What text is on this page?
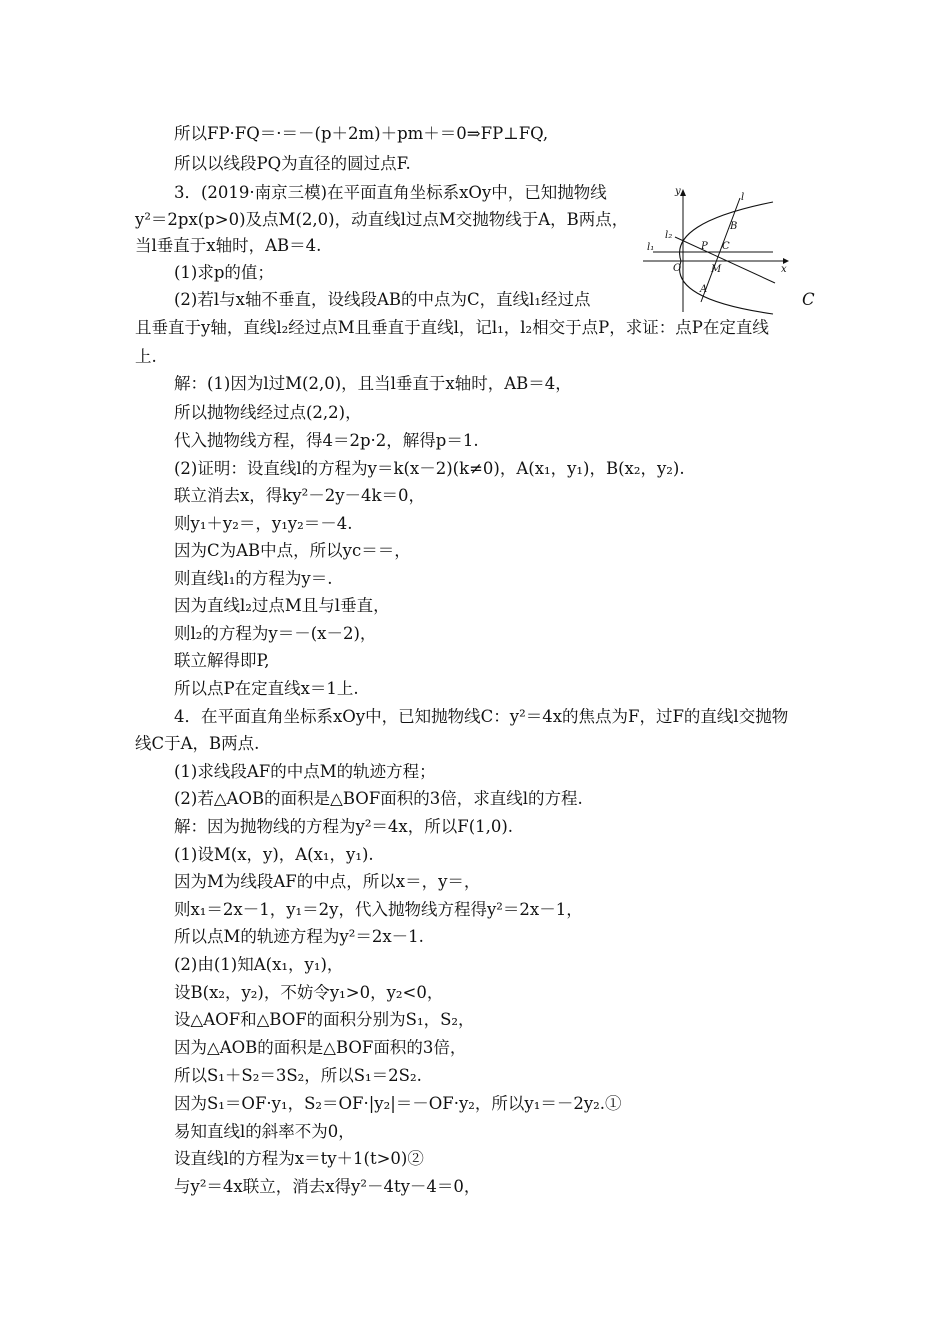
所以FP·FQ＝·＝－(p＋2m)＋pm＋＝0⇒FP⊥FQ,
所以以线段PQ为直径的圆过点F.
3．(2019·南京三模)在平面直角坐标系xOy中，已知抛物线
y²＝2px(p>0)及点M(2,0)，动直线l过点M交抛物线于A，B两点，
当l垂直于x轴时，AB＝4.
(1)求p的值；
(2)若l与x轴不垂直，设线段AB的中点为C，直线l₁经过点	C
且垂直于y轴，直线l₂经过点M且垂直于直线l，记l₁，l₂相交于点P，求证：点P在定直线
上.
解：(1)因为l过M(2,0)，且当l垂直于x轴时，AB＝4，
所以抛物线经过点(2,2)，
代入抛物线方程，得4＝2p·2，解得p＝1.
(2)证明：设直线l的方程为y＝k(x－2)(k≠0)，A(x₁，y₁)，B(x₂，y₂).
联立消去x，得ky²－2y－4k＝0，
则y₁＋y₂＝，y₁y₂＝－4.
因为C为AB中点，所以yc＝＝，
则直线l₁的方程为y＝.
因为直线l₂过点M且与l垂直，
则l₂的方程为y＝－(x－2)，
联立解得即P,
所以点P在定直线x＝1上.
4．在平面直角坐标系xOy中，已知抛物线C：y²＝4x的焦点为F，过F的直线l交抛物
线C于A，B两点.
(1)求线段AF的中点M的轨迹方程；
(2)若△AOB的面积是△BOF面积的3倍，求直线l的方程.
解：因为抛物线的方程为y²＝4x，所以F(1,0).
(1)设M(x，y)，A(x₁，y₁).
因为M为线段AF的中点，所以x＝，y＝，
则x₁＝2x－1，y₁＝2y，代入抛物线方程得y²＝2x－1，
所以点M的轨迹方程为y²＝2x－1.
(2)由(1)知A(x₁，y₁)，
设B(x₂，y₂)，不妨令y₁>0，y₂<0，
设△AOF和△BOF的面积分别为S₁，S₂，
因为△AOB的面积是△BOF面积的3倍，
所以S₁＋S₂＝3S₂，所以S₁＝2S₂.
因为S₁＝OF·y₁，S₂＝OF·|y₂|＝－OF·y₂，所以y₁＝－2y₂.①
易知直线l的斜率不为0，
设直线l的方程为x＝ty＋1(t>0)②
与y²＝4x联立，消去x得y²－4ty－4＝0，
y
l
B
l₂
P C
l₁
O	M	x
A
